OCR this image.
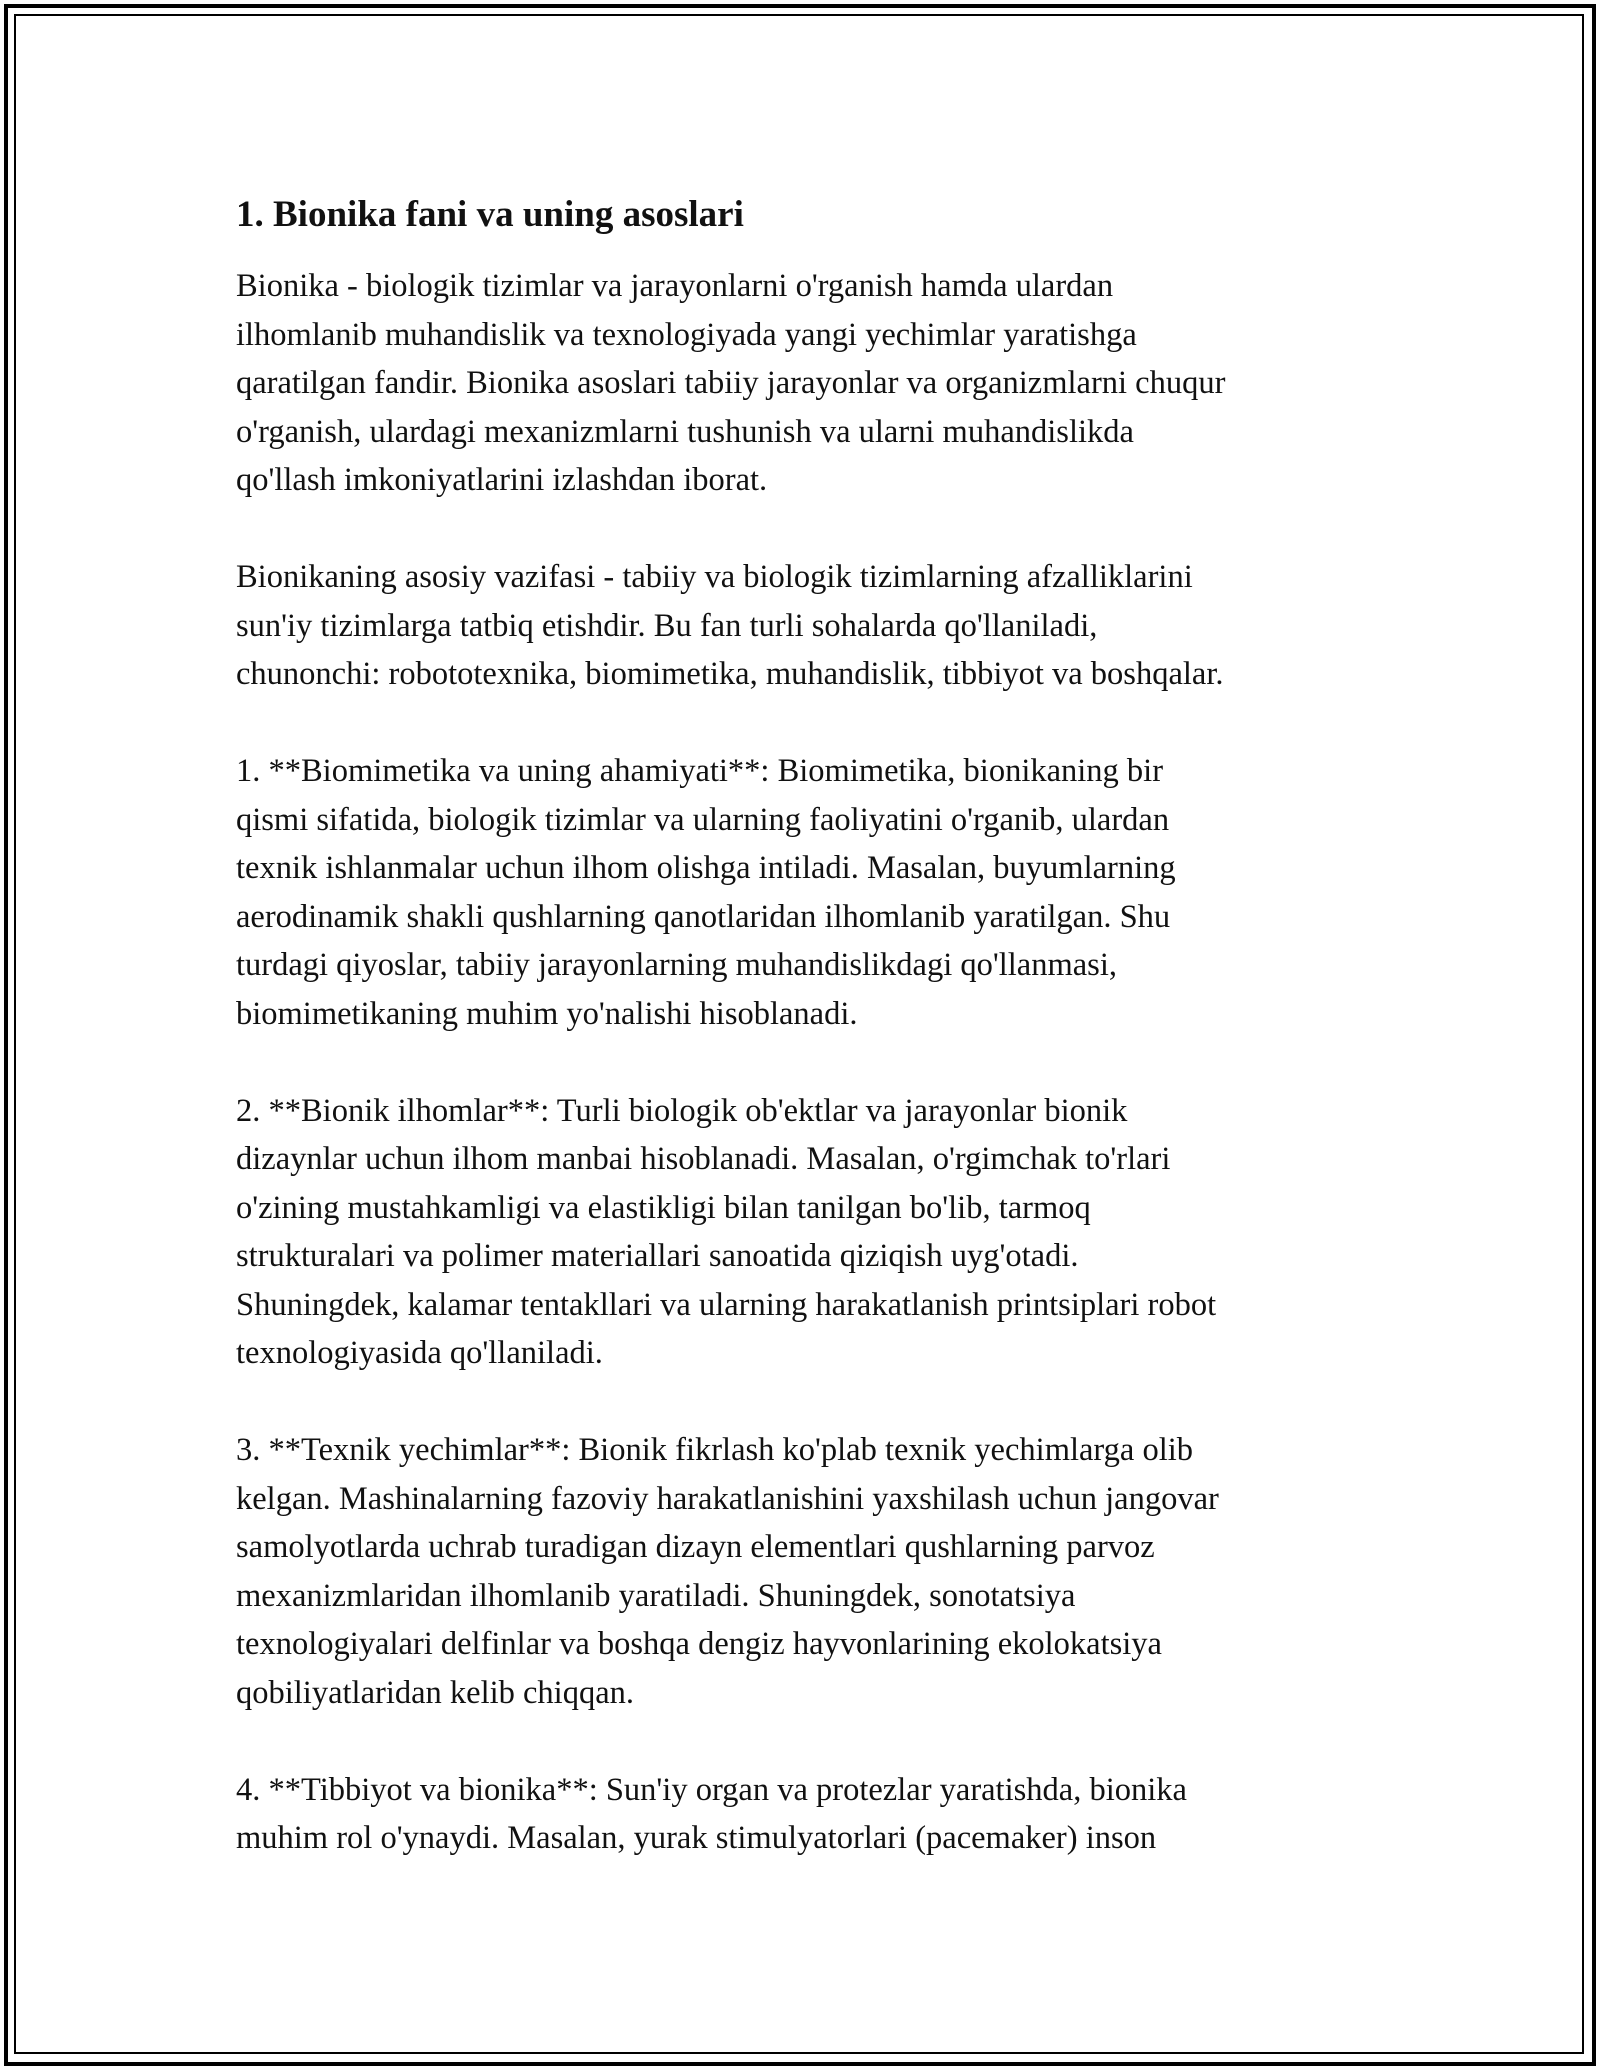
1. Bionika fani va uning asoslari
Bionika - biologik tizimlar va jarayonlarni o'rganish hamda ulardan
ilhomlanib muhandislik va texnologiyada yangi yechimlar yaratishga
qaratilgan fandir. Bionika asoslari tabiiy jarayonlar va organizmlarni chuqur
o'rganish, ulardagi mexanizmlarni tushunish va ularni muhandislikda
qo'llash imkoniyatlarini izlashdan iborat.
Bionikaning asosiy vazifasi - tabiiy va biologik tizimlarning afzalliklarini
sun'iy tizimlarga tatbiq etishdir. Bu fan turli sohalarda qo'llaniladi,
chunonchi: robototexnika, biomimetika, muhandislik, tibbiyot va boshqalar.
1. **Biomimetika va uning ahamiyati**: Biomimetika, bionikaning bir
qismi sifatida, biologik tizimlar va ularning faoliyatini o'rganib, ulardan
texnik ishlanmalar uchun ilhom olishga intiladi. Masalan, buyumlarning
aerodinamik shakli qushlarning qanotlaridan ilhomlanib yaratilgan. Shu
turdagi qiyoslar, tabiiy jarayonlarning muhandislikdagi qo'llanmasi,
biomimetikaning muhim yo'nalishi hisoblanadi.
2. **Bionik ilhomlar**: Turli biologik ob'ektlar va jarayonlar bionik
dizaynlar uchun ilhom manbai hisoblanadi. Masalan, o'rgimchak to'rlari
o'zining mustahkamligi va elastikligi bilan tanilgan bo'lib, tarmoq
strukturalari va polimer materiallari sanoatida qiziqish uyg'otadi.
Shuningdek, kalamar tentakllari va ularning harakatlanish printsiplari robot
texnologiyasida qo'llaniladi.
3. **Texnik yechimlar**: Bionik fikrlash ko'plab texnik yechimlarga olib
kelgan. Mashinalarning fazoviy harakatlanishini yaxshilash uchun jangovar
samolyotlarda uchrab turadigan dizayn elementlari qushlarning parvoz
mexanizmlaridan ilhomlanib yaratiladi. Shuningdek, sonotatsiya
texnologiyalari delfinlar va boshqa dengiz hayvonlarining ekolokatsiya
qobiliyatlaridan kelib chiqqan.
4. **Tibbiyot va bionika**: Sun'iy organ va protezlar yaratishda, bionika
muhim rol o'ynaydi. Masalan, yurak stimulyatorlari (pacemaker) inson
